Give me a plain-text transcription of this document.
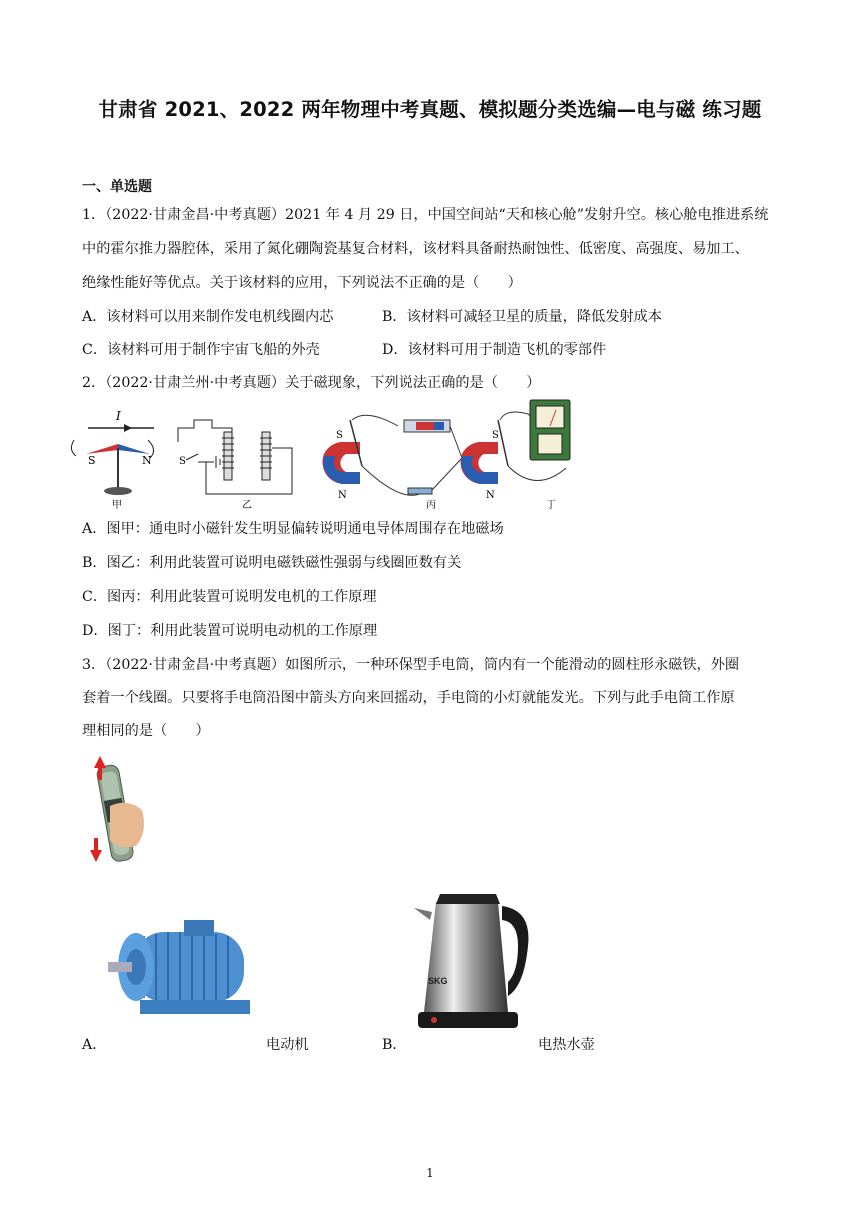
甘肃省 2021、2022 两年物理中考真题、模拟题分类选编—电与磁 练习题
一、单选题
1．（2022·甘肃金昌·中考真题）2021 年 4 月 29 日，中国空间站“天和核心舱”发射升空。核心舱电推进系统
中的霍尔推力器腔体，采用了氮化硼陶瓷基复合材料，该材料具备耐热耐蚀性、低密度、高强度、易加工、
绝缘性能好等优点。关于该材料的应用，下列说法不正确的是（　　）
A．该材料可以用来制作发电机线圈内芯	B．该材料可减轻卫星的质量，降低发射成本
C．该材料可用于制作宇宙飞船的外壳	D．该材料可用于制造飞机的零部件
2．（2022·甘肃兰州·中考真题）关于磁现象，下列说法正确的是（　　）
I
S	N
甲
S
乙
S
N
丙
S
N
丁
A．图甲：通电时小磁针发生明显偏转说明通电导体周围存在地磁场
B．图乙：利用此装置可说明电磁铁磁性强弱与线圈匝数有关
C．图丙：利用此装置可说明发电机的工作原理
D．图丁：利用此装置可说明电动机的工作原理
3．（2022·甘肃金昌·中考真题）如图所示，一种环保型手电筒，筒内有一个能滑动的圆柱形永磁铁，外圈
套着一个线圈。只要将手电筒沿图中箭头方向来回摇动，手电筒的小灯就能发光。下列与此手电筒工作原
理相同的是（　　）
A．	电动机
SKG
B．	电热水壶
1
